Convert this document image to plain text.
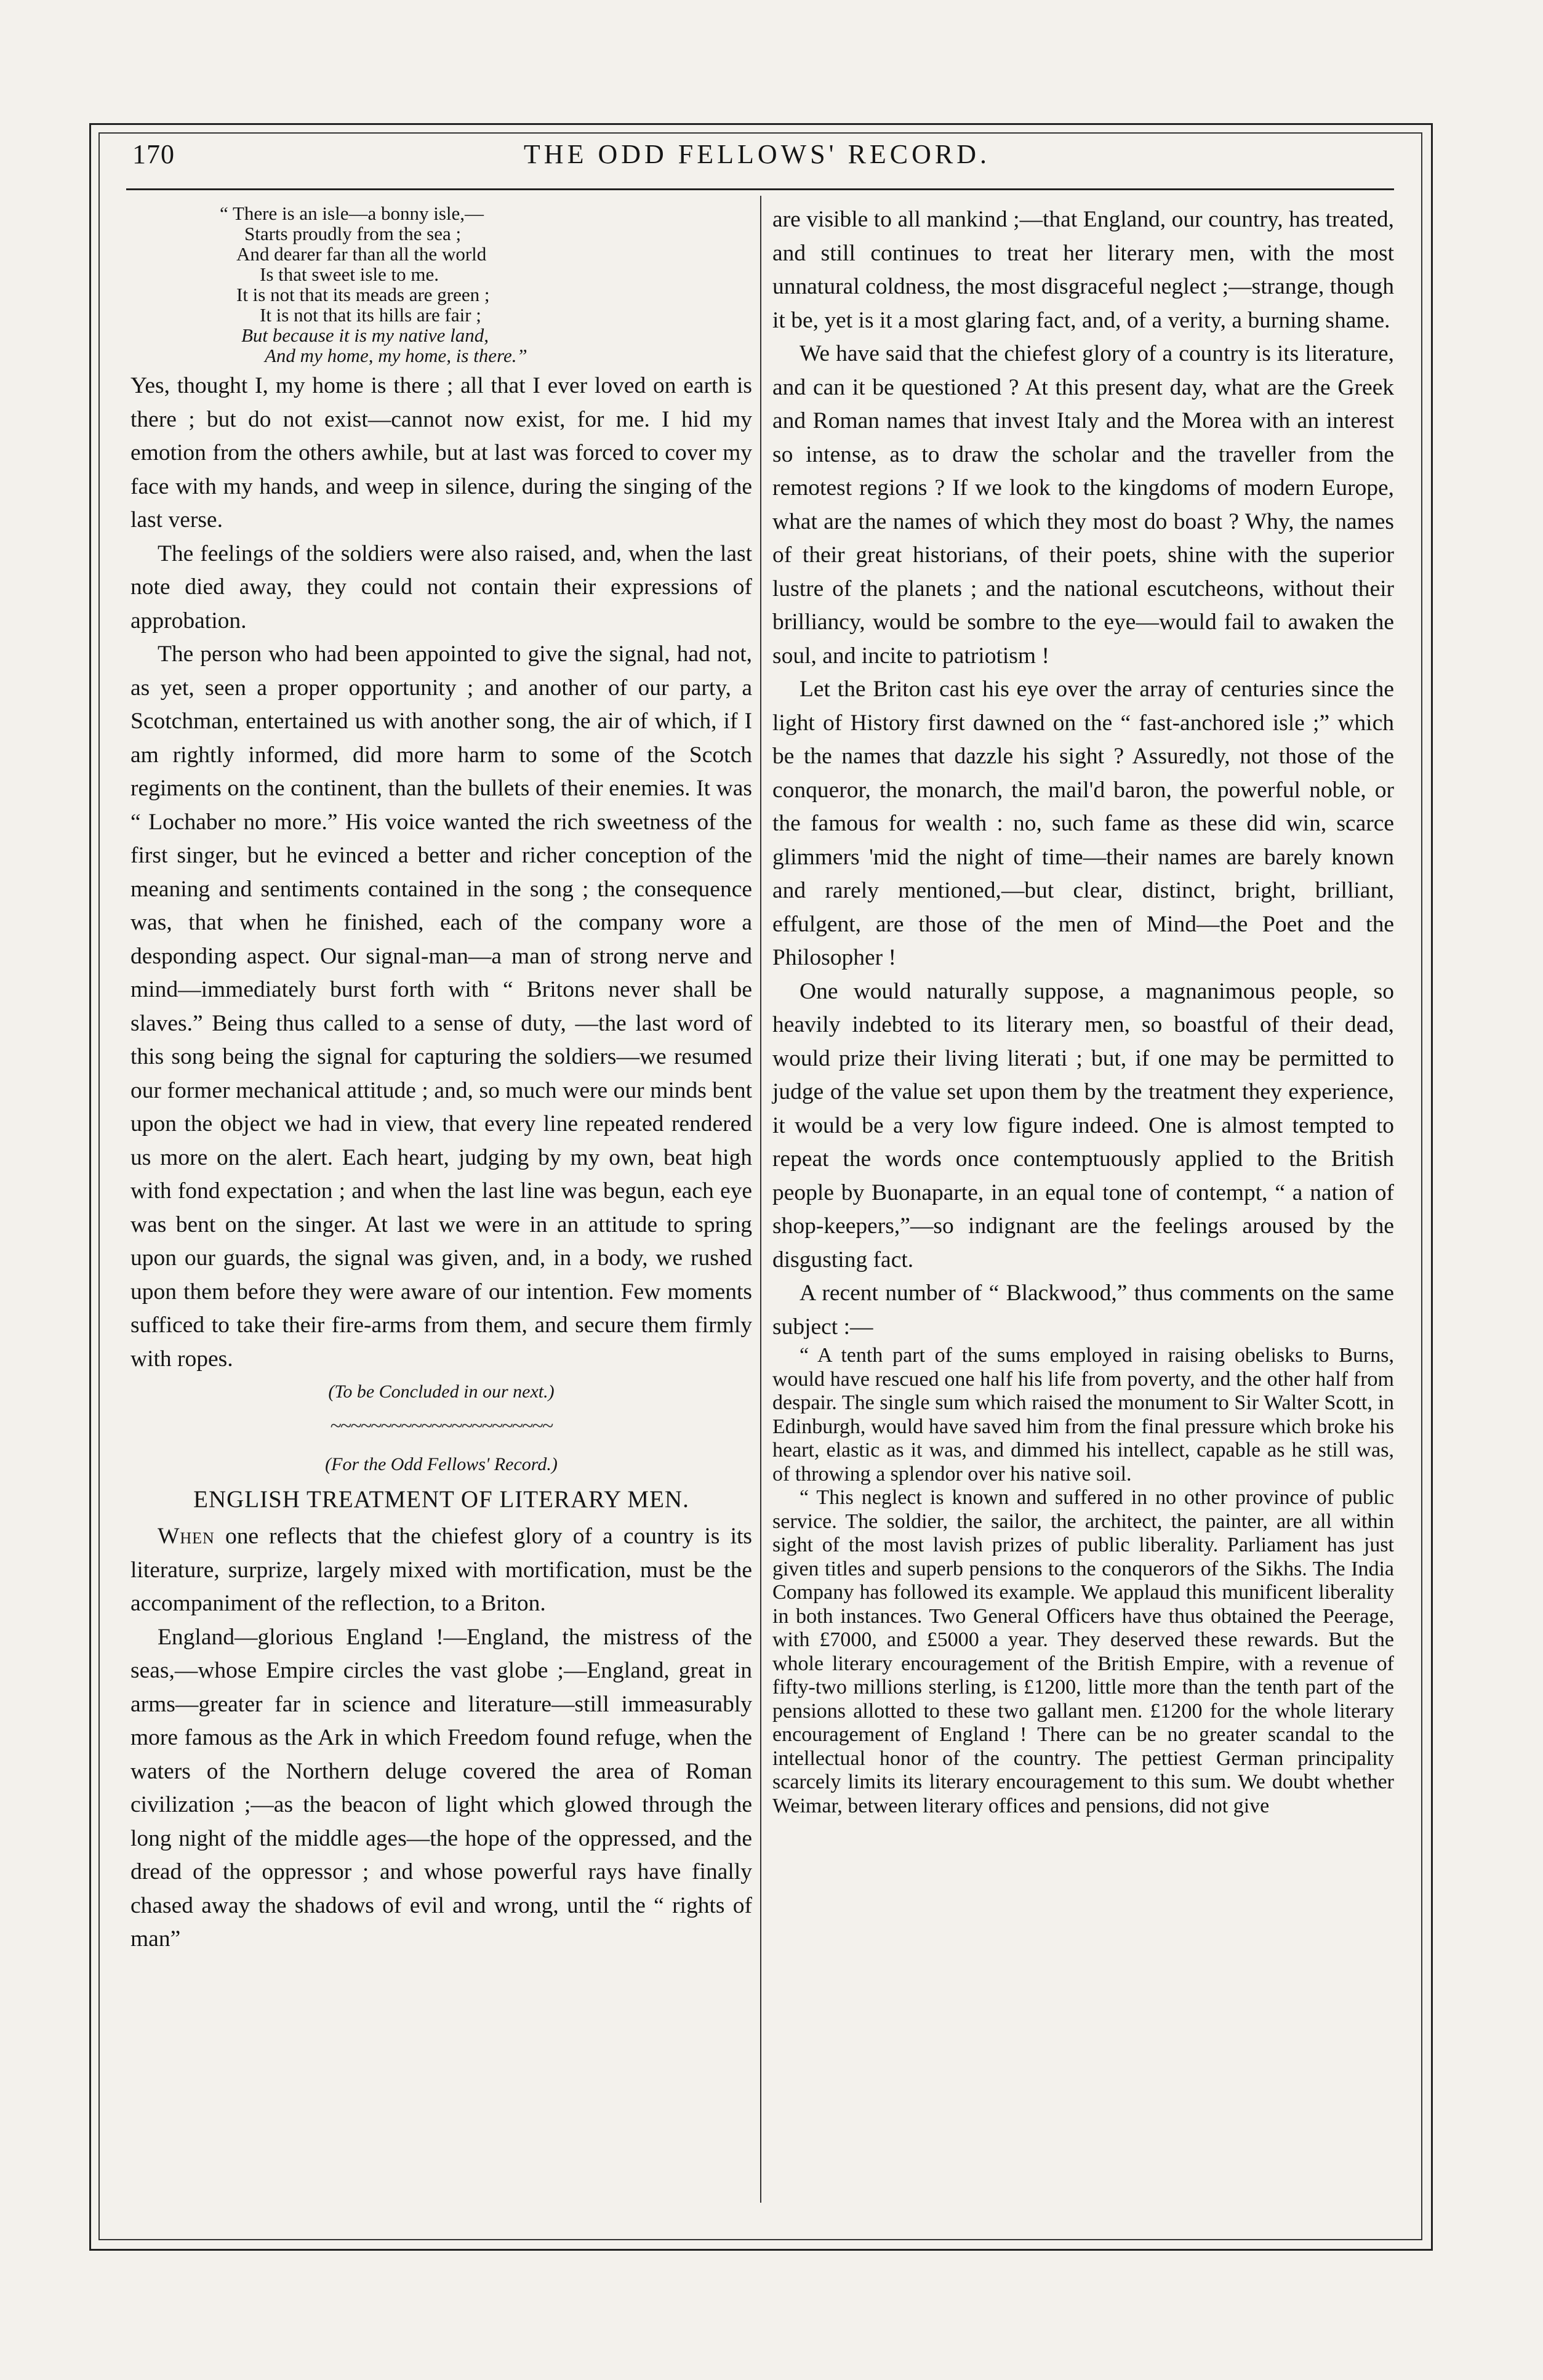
THE ODD FELLOWS' RECORD.
170
“ There is an isle—a bonny isle,—
Starts proudly from the sea ;
And dearer far than all the world
Is that sweet isle to me.
It is not that its meads are green ;
It is not that its hills are fair ;
But because it is my native land,
And my home, my home, is there.”

Yes, thought I, my home is there ; all that I ever loved on earth is there ; but do not exist—cannot now exist, for me. I hid my emotion from the others awhile, but at last was forced to cover my face with my hands, and weep in silence, during the singing of the last verse.

The feelings of the soldiers were also raised, and, when the last note died away, they could not contain their expressions of approbation.

The person who had been appointed to give the signal, had not, as yet, seen a proper opportunity ; and another of our party, a Scotchman, entertained us with another song, the air of which, if I am rightly informed, did more harm to some of the Scotch regiments on the continent, than the bullets of their enemies. It was “ Lochaber no more.” His voice wanted the rich sweetness of the first singer, but he evinced a better and richer conception of the meaning and sentiments contained in the song ; the consequence was, that when he finished, each of the company wore a desponding aspect. Our signal-man—a man of strong nerve and mind—immediately burst forth with “ Britons never shall be slaves.” Being thus called to a sense of duty, —the last word of this song being the signal for capturing the soldiers—we resumed our former mechanical attitude ; and, so much were our minds bent upon the object we had in view, that every line repeated rendered us more on the alert. Each heart, judging by my own, beat high with fond expectation ; and when the last line was begun, each eye was bent on the singer. At last we were in an attitude to spring upon our guards, the signal was given, and, in a body, we rushed upon them before they were aware of our intention. Few moments sufficed to take their fire-arms from them, and secure them firmly with ropes.

(To be Concluded in our next.)
~~~~~~~~~~~~~~~~~~~~~~
(For the Odd Fellows' Record.)
ENGLISH TREATMENT OF LITERARY MEN.

When one reflects that the chiefest glory of a country is its literature, surprize, largely mixed with mortification, must be the accompaniment of the reflection, to a Briton.

England—glorious England !—England, the mistress of the seas,—whose Empire circles the vast globe ;—England, great in arms—greater far in science and literature—still immeasurably more famous as the Ark in which Freedom found refuge, when the waters of the Northern deluge covered the area of Roman civilization ;—as the beacon of light which glowed through the long night of the middle ages—the hope of the oppressed, and the dread of the oppressor ; and whose powerful rays have finally chased away the shadows of evil and wrong, until the “ rights of man”

are visible to all mankind ;—that England, our country, has treated, and still continues to treat her literary men, with the most unnatural coldness, the most disgraceful neglect ;—strange, though it be, yet is it a most glaring fact, and, of a verity, a burning shame.

We have said that the chiefest glory of a country is its literature, and can it be questioned ? At this present day, what are the Greek and Roman names that invest Italy and the Morea with an interest so intense, as to draw the scholar and the traveller from the remotest regions ? If we look to the kingdoms of modern Europe, what are the names of which they most do boast ? Why, the names of their great historians, of their poets, shine with the superior lustre of the planets ; and the national escutcheons, without their brilliancy, would be sombre to the eye—would fail to awaken the soul, and incite to patriotism !

Let the Briton cast his eye over the array of centuries since the light of History first dawned on the “ fast-anchored isle ;” which be the names that dazzle his sight ? Assuredly, not those of the conqueror, the monarch, the mail'd baron, the powerful noble, or the famous for wealth : no, such fame as these did win, scarce glimmers 'mid the night of time—their names are barely known and rarely mentioned,—but clear, distinct, bright, brilliant, effulgent, are those of the men of Mind—the Poet and the Philosopher !

One would naturally suppose, a magnanimous people, so heavily indebted to its literary men, so boastful of their dead, would prize their living literati ; but, if one may be permitted to judge of the value set upon them by the treatment they experience, it would be a very low figure indeed. One is almost tempted to repeat the words once contemptuously applied to the British people by Buonaparte, in an equal tone of contempt, “ a nation of shop-keepers,”—so indignant are the feelings aroused by the disgusting fact.

A recent number of “ Blackwood,” thus comments on the same subject :—

“ A tenth part of the sums employed in raising obelisks to Burns, would have rescued one half his life from poverty, and the other half from despair. The single sum which raised the monument to Sir Walter Scott, in Edinburgh, would have saved him from the final pressure which broke his heart, elastic as it was, and dimmed his intellect, capable as he still was, of throwing a splendor over his native soil.

“ This neglect is known and suffered in no other province of public service. The soldier, the sailor, the architect, the painter, are all within sight of the most lavish prizes of public liberality. Parliament has just given titles and superb pensions to the conquerors of the Sikhs. The India Company has followed its example. We applaud this munificent liberality in both instances. Two General Officers have thus obtained the Peerage, with £7000, and £5000 a year. They deserved these rewards. But the whole literary encouragement of the British Empire, with a revenue of fifty-two millions sterling, is £1200, little more than the tenth part of the pensions allotted to these two gallant men. £1200 for the whole literary encouragement of England ! There can be no greater scandal to the intellectual honor of the country. The pettiest German principality scarcely limits its literary encouragement to this sum. We doubt whether Weimar, between literary offices and pensions, did not give
